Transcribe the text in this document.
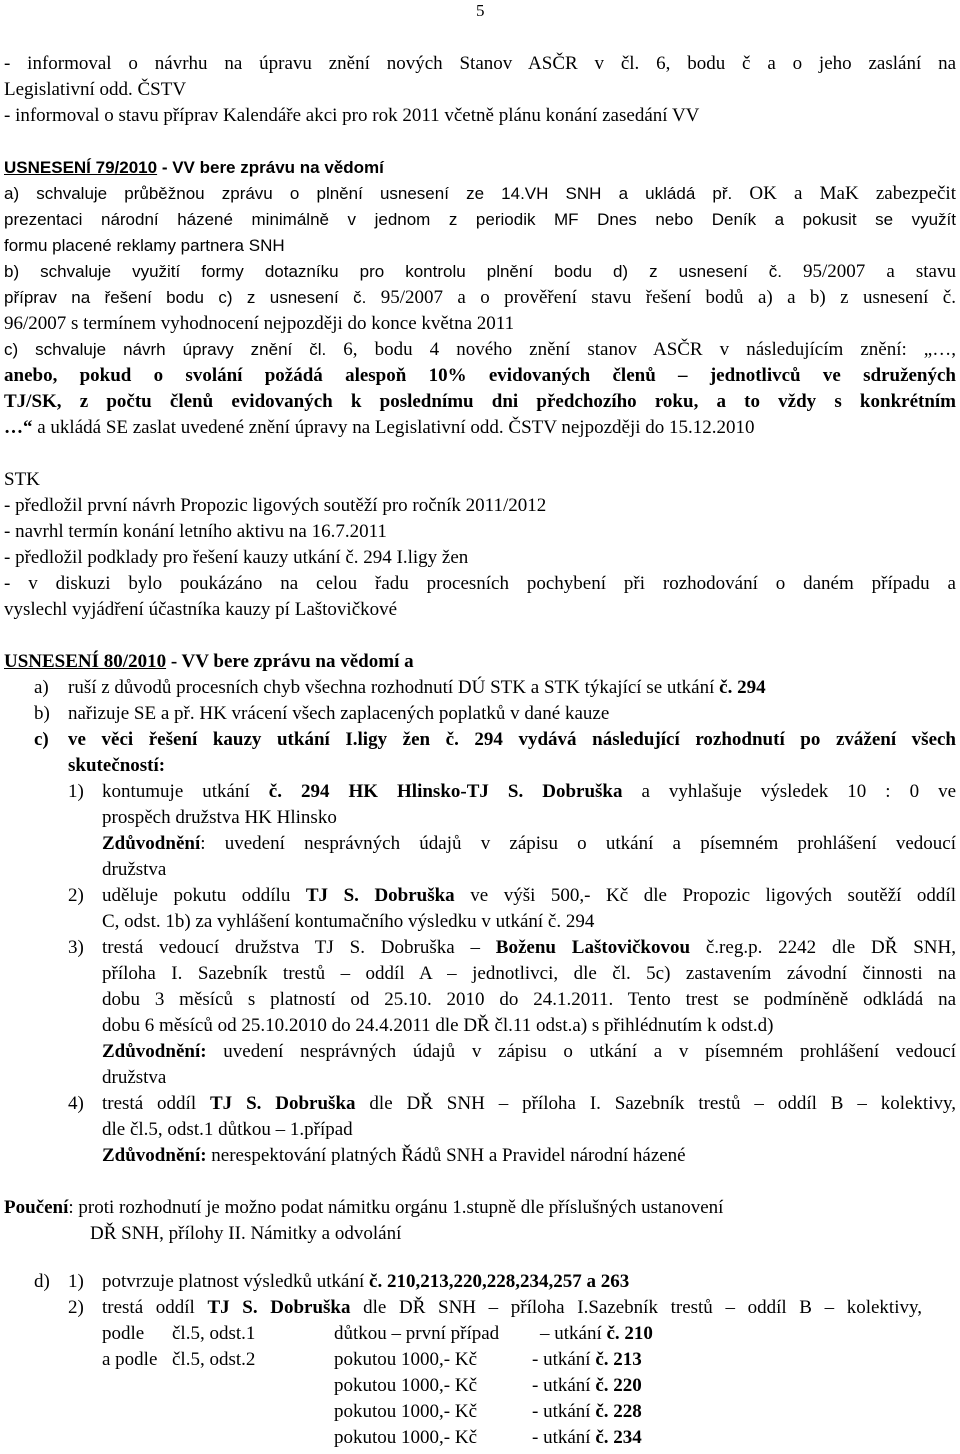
5
- informoval o návrhu na úpravu znění nových Stanov ASČR v čl. 6, bodu č a o jeho zaslání na
Legislativní odd. ČSTV
- informoval o stavu příprav Kalendáře akci pro rok 2011 včetně plánu konání zasedání VV
USNESENÍ 79/2010 - VV bere zprávu na vědomí
a) schvaluje průběžnou zprávu o plnění usnesení ze 14.VH SNH a ukládá př. OK a MaK zabezpečit
prezentaci národní házené minimálně v jednom z periodik MF Dnes nebo Deník a pokusit se využít
formu placené reklamy partnera SNH
b) schvaluje využití formy dotazníku pro kontrolu plnění bodu d) z usnesení č. 95/2007 a stavu
příprav na řešení bodu c) z usnesení č. 95/2007 a o prověření stavu řešení bodů a) a b) z usnesení č.
96/2007 s termínem vyhodnocení nejpozději do konce května 2011
c) schvaluje návrh úpravy znění čl. 6, bodu 4 nového znění stanov ASČR v následujícím znění: „…,
anebo, pokud o svolání požádá alespoň 10% evidovaných členů – jednotlivců ve sdružených
TJ/SK, z počtu členů evidovaných k poslednímu dni předchozího roku, a to vždy s konkrétním
…“ a ukládá SE zaslat uvedené znění úpravy na Legislativní odd. ČSTV nejpozději do 15.12.2010
STK
- předložil první návrh Propozic ligových soutěží pro ročník 2011/2012
- navrhl termín konání letního aktivu na 16.7.2011
- předložil podklady pro řešení kauzy utkání č. 294 I.ligy žen
- v diskuzi bylo poukázáno na celou řadu procesních pochybení při rozhodování o daném případu a
vyslechl vyjádření účastníka kauzy pí Laštovičkové
USNESENÍ 80/2010 - VV bere zprávu na vědomí a
a) ruší z důvodů procesních chyb všechna rozhodnutí DÚ STK a STK týkající se utkání č. 294
b) nařizuje SE a př. HK vrácení všech zaplacených poplatků v dané kauze
c) ve věci řešení kauzy utkání I.ligy žen č. 294 vydává následující rozhodnutí po zvážení všech
skutečností:
1) kontumuje utkání č. 294 HK Hlinsko-TJ S. Dobruška a vyhlašuje výsledek 10 : 0 ve
prospěch družstva HK Hlinsko
Zdůvodnění: uvedení nesprávných údajů v zápisu o utkání a písemném prohlášení vedoucí
družstva
2) uděluje pokutu oddílu TJ S. Dobruška ve výši 500,- Kč dle Propozic ligových soutěží oddíl
C, odst. 1b) za vyhlášení kontumačního výsledku v utkání č. 294
3) trestá vedoucí družstva TJ S. Dobruška – Boženu Laštovičkovou č.reg.p. 2242 dle DŘ SNH,
příloha I. Sazebník trestů – oddíl A – jednotlivci, dle čl. 5c) zastavením závodní činnosti na
dobu 3 měsíců s platností od 25.10. 2010 do 24.1.2011. Tento trest se podmíněně odkládá na
dobu 6 měsíců od 25.10.2010 do 24.4.2011 dle DŘ čl.11 odst.a) s přihlédnutím k odst.d)
Zdůvodnění: uvedení nesprávných údajů v zápisu o utkání a v písemném prohlášení vedoucí
družstva
4) trestá oddíl TJ S. Dobruška dle DŘ SNH – příloha I. Sazebník trestů – oddíl B – kolektivy,
dle čl.5, odst.1 důtkou – 1.případ
Zdůvodnění: nerespektování platných Řádů SNH a Pravidel národní házené
Poučení: proti rozhodnutí je možno podat námitku orgánu 1.stupně dle příslušných ustanovení
DŘ SNH, přílohy II. Námitky a odvolání
d) 1) potvrzuje platnost výsledků utkání č. 210,213,220,228,234,257 a 263
2) trestá oddíl TJ S. Dobruška dle DŘ SNH – příloha I.Sazebník trestů – oddíl B – kolektivy,
podle čl.5, odst.1	důtkou – první případ – utkání č. 210
a podle čl.5, odst.2	pokutou 1000,- Kč	- utkání č. 213
pokutou 1000,- Kč	- utkání č. 220
pokutou 1000,- Kč	- utkání č. 228
pokutou 1000,- Kč	- utkání č. 234
